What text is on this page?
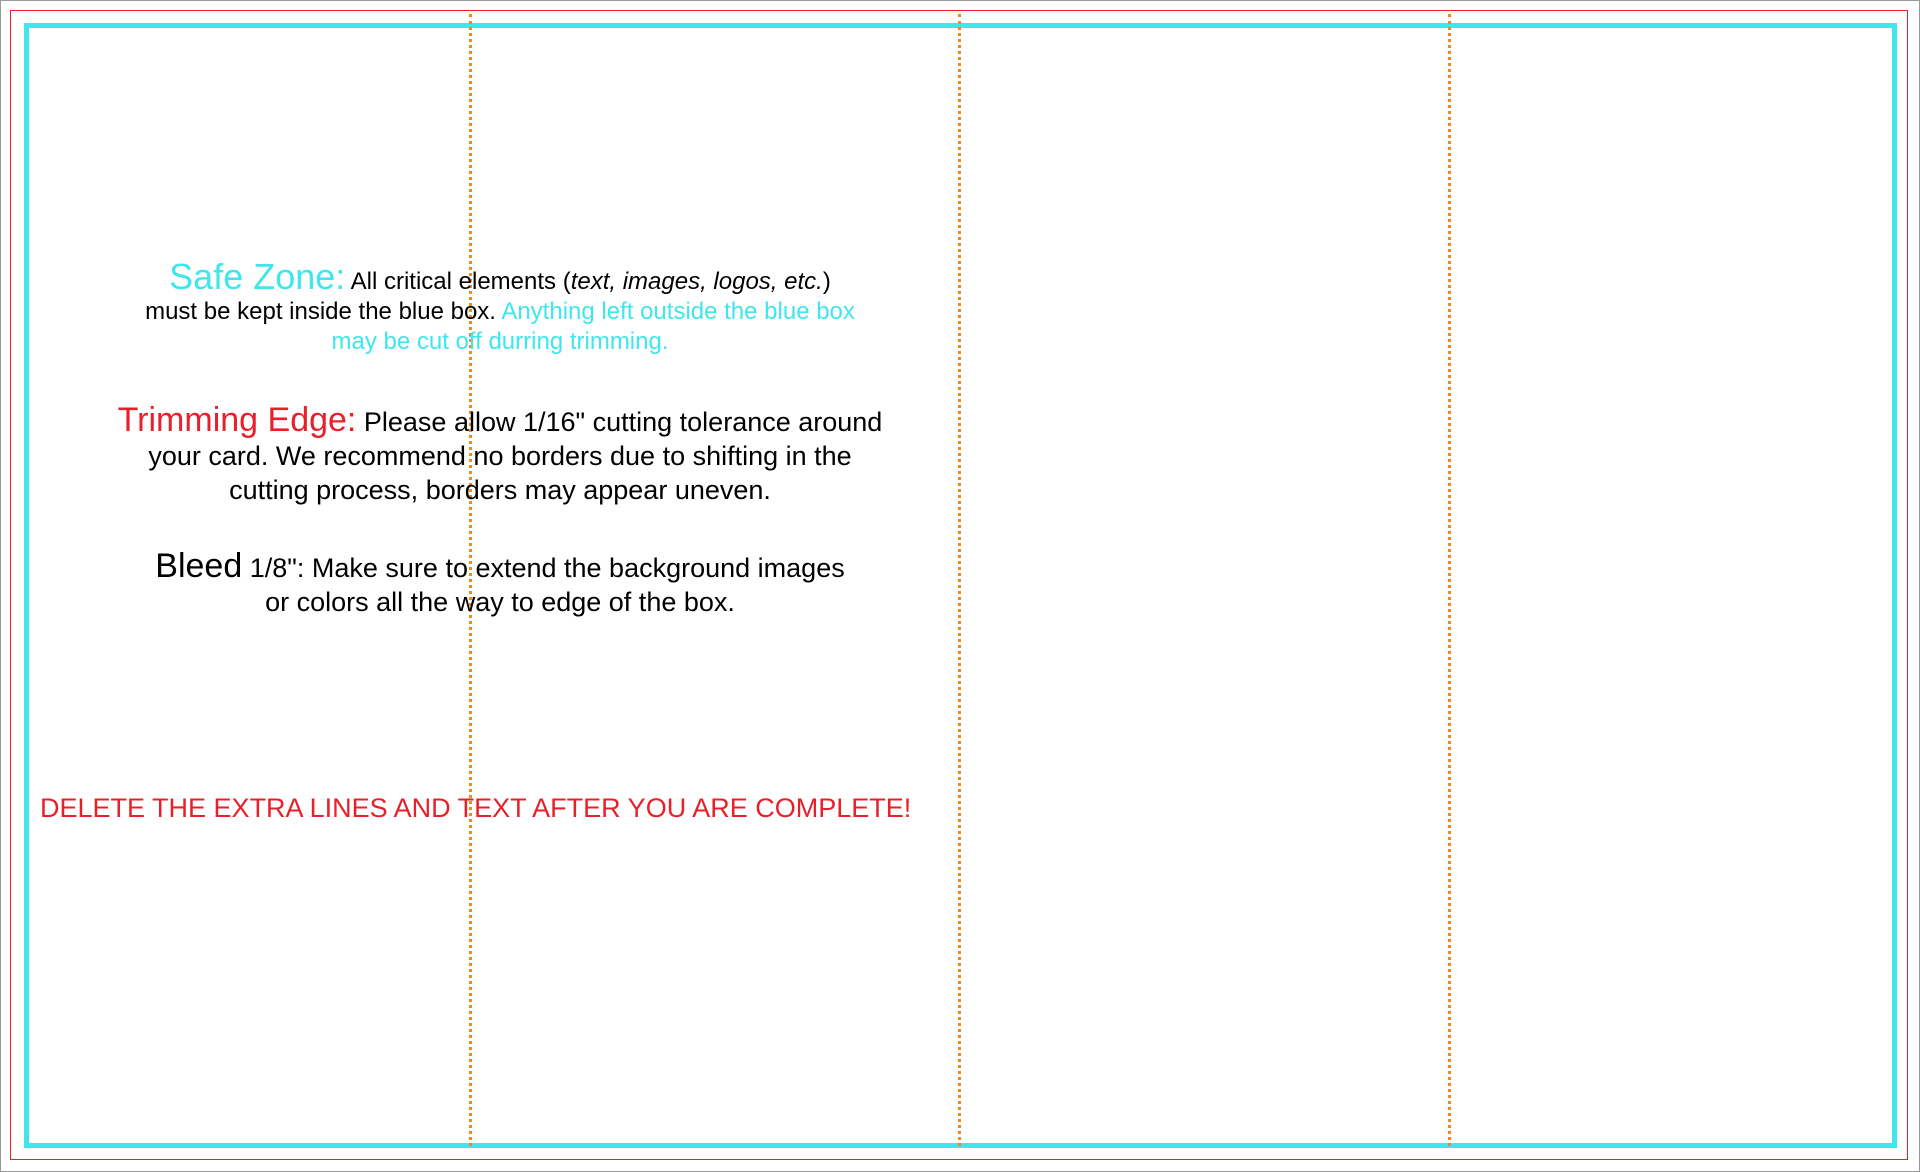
Safe Zone: All critical elements (text, images, logos, etc.)
must be kept inside the blue box. Anything left outside the blue box
may be cut off durring trimming.
Trimming Edge: Please allow 1/16" cutting tolerance around
your card. We recommend no borders due to shifting in the
cutting process, borders may appear uneven.
Bleed 1/8": Make sure to extend the background images
or colors all the way to edge of the box.
DELETE THE EXTRA LINES AND TEXT AFTER YOU ARE COMPLETE!
